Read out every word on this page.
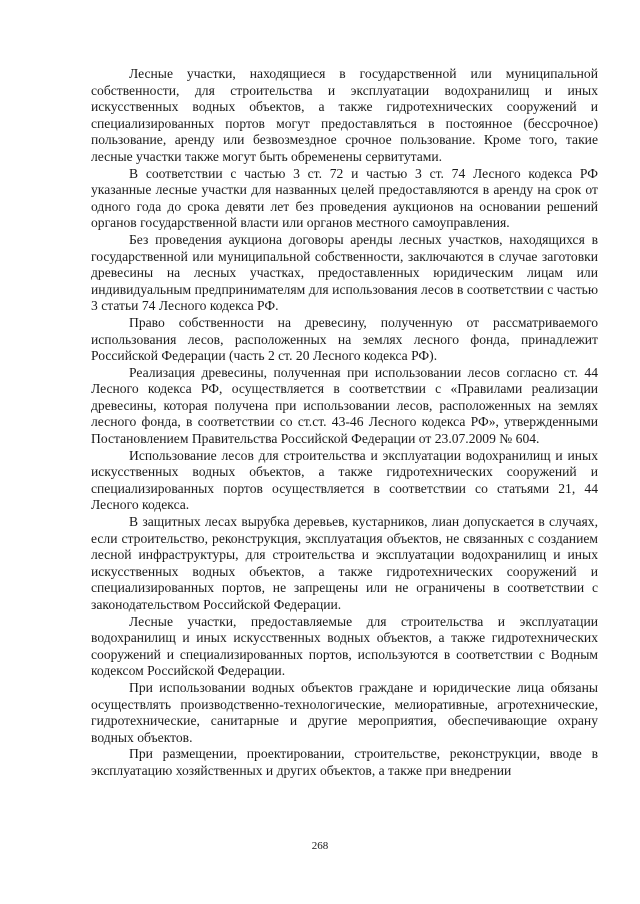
Лесные участки, находящиеся в государственной или муниципальной собственности, для строительства и эксплуатации водохранилищ и иных искусственных водных объектов, а также гидротехнических сооружений и специализированных портов могут предоставляться в постоянное (бессрочное) пользование, аренду или безвозмездное срочное пользование. Кроме того, такие лесные участки также могут быть обременены сервитутами.

В соответствии с частью 3 ст. 72 и частью 3 ст. 74 Лесного кодекса РФ указанные лесные участки для названных целей предоставляются в аренду на срок от одного года до срока девяти лет без проведения аукционов на основании решений органов государственной власти или органов местного самоуправления.

Без проведения аукциона договоры аренды лесных участков, находящихся в государственной или муниципальной собственности, заключаются в случае заготовки древесины на лесных участках, предоставленных юридическим лицам или индивидуальным предпринимателям для использования лесов в соответствии с частью 3 статьи 74 Лесного кодекса РФ.

Право собственности на древесину, полученную от рассматриваемого использования лесов, расположенных на землях лесного фонда, принадлежит Российской Федерации (часть 2 ст. 20 Лесного кодекса РФ).

Реализация древесины, полученная при использовании лесов согласно ст. 44 Лесного кодекса РФ, осуществляется в соответствии с «Правилами реализации древесины, которая получена при использовании лесов, расположенных на землях лесного фонда, в соответствии со ст.ст. 43-46 Лесного кодекса РФ», утвержденными Постановлением Правительства Российской Федерации от 23.07.2009 № 604.

Использование лесов для строительства и эксплуатации водохранилищ и иных искусственных водных объектов, а также гидротехнических сооружений и специализированных портов осуществляется в соответствии со статьями 21, 44 Лесного кодекса.

В защитных лесах вырубка деревьев, кустарников, лиан допускается в случаях, если строительство, реконструкция, эксплуатация объектов, не связанных с созданием лесной инфраструктуры, для строительства и эксплуатации водохранилищ и иных искусственных водных объектов, а также гидротехнических сооружений и специализированных портов, не запрещены или не ограничены в соответствии с законодательством Российской Федерации.

Лесные участки, предоставляемые для строительства и эксплуатации водохранилищ и иных искусственных водных объектов, а также гидротехнических сооружений и специализированных портов, используются в соответствии с Водным кодексом Российской Федерации.

При использовании водных объектов граждане и юридические лица обязаны осуществлять производственно-технологические, мелиоративные, агротехнические, гидротехнические, санитарные и другие мероприятия, обеспечивающие охрану водных объектов.

При размещении, проектировании, строительстве, реконструкции, вводе в эксплуатацию хозяйственных и других объектов, а также при внедрении

268
